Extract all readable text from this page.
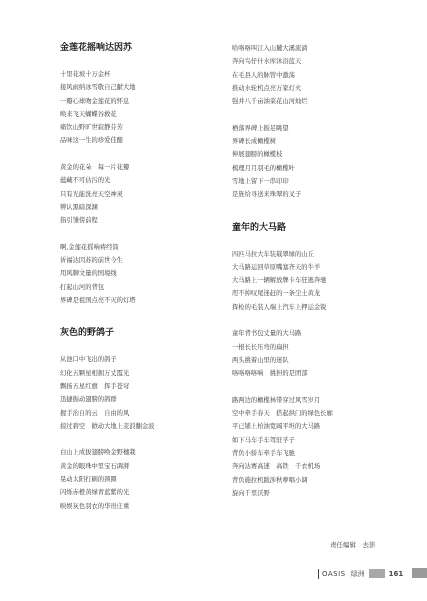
金莲花摇响达因苏
十里花坡十万金杯
接风雨纳冰雪敬自己献大地
一瓣心球吻金莲花的怀息
唤来飞天蝴蝶谷救花
痛饮山野旷世寂静芬芳
品味这一生的珍爱佳酿
黄金的花朵　每一片花瓣
蕴藏不可估污的光
只有光能洗亮天空神灵
辨认黑暗深渊
指引雏傍前程
啊,金莲花摇响祷经筒
祈福达因苏的前世今生
用风聊文量的国境线
打起山河的背包
界碑是祖国点亮不灭的灯塔
灰色的野鸽子
从池口中飞出的鸽子
幻化五颗星相拥万丈霞光
飘扬五星红旗　挥手苍穹
迅捷振动翅膀的鸽群
握手治自的云　自由的风
掠过碧空　掀动大地上麦浪翻金波
白山上成拔翅膀唤金野穗栽
黄金的眼珠中里宝石调湃
晃动太阳打刷的颈圈
闪烁赤橙黄绿青蓝紫的光
映娱灰色羽衣的华贵庄重
哈咯咯叫江入山麓大溪流淌
奔向鸟仔什水库沐浴蓝天
在毛县人的脉管中激荡
推动水轮机点亮万家灯火
强并八千亩油菜花山河灿烂
栖落界碑上振足眺望
界碑长成橄榄树
伸展翅膀的橄榄枝
梳理月月羽毛的橄榄叶
雪地上留下一串印印
是旌给寻送来珠翠的叉子
童年的大马路
四匹马拉大车装载翠绿的山丘
大马路运回草原嘴塞齐天的牛羊
大马路上一辆解放牌卡车狂逃奔驰
咫不掉叹尾迷赶的一条尘土黄龙
挥枪的毛装人端上汽车上押运金锐
童年背书包丈量的大马路
一根长长压弯的扁担
两头挑着山里的迷队
咯咯咯咯响　挑担的是团部
路两边的橄榄林带穿过风雪岁月
空中牵手春天　搭起拱门的绿色长廊
平已铺上柏油宽阔平坦的大马路
如下马车手车驾驻孚子
背负小骄车牵手车飞驰
奔向达赛高速　高铁　千衣机场
背负施拉机跋涉秋咿唱小调
旋向千里沃野
责任编辑　去影
OASIS 绿洲	161
